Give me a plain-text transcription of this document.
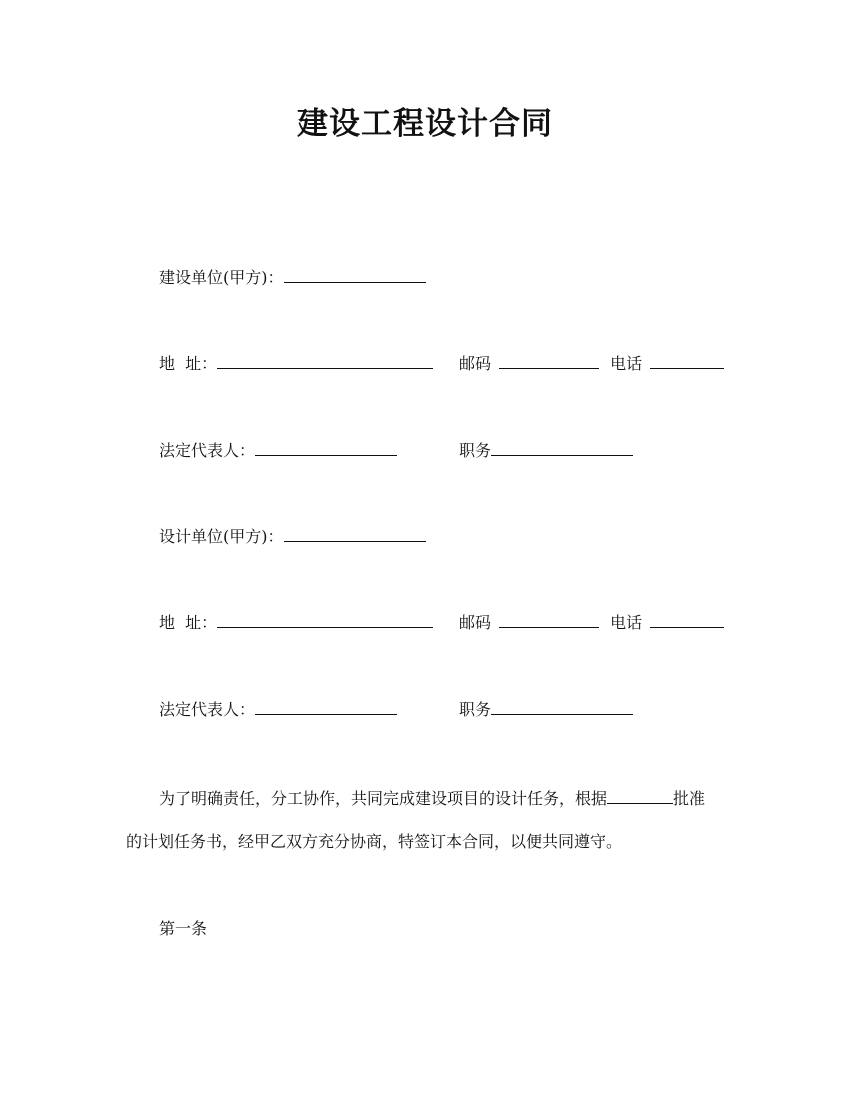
建设工程设计合同
建设单位(甲方)：
地  址：	邮码	电话
法定代表人：	职务
设计单位(甲方)：
地  址：	邮码	电话
法定代表人：	职务
为了明确责任，分工协作，共同完成建设项目的设计任务，根据	批准
的计划任务书，经甲乙双方充分协商，特签订本合同，以便共同遵守。
第一条
